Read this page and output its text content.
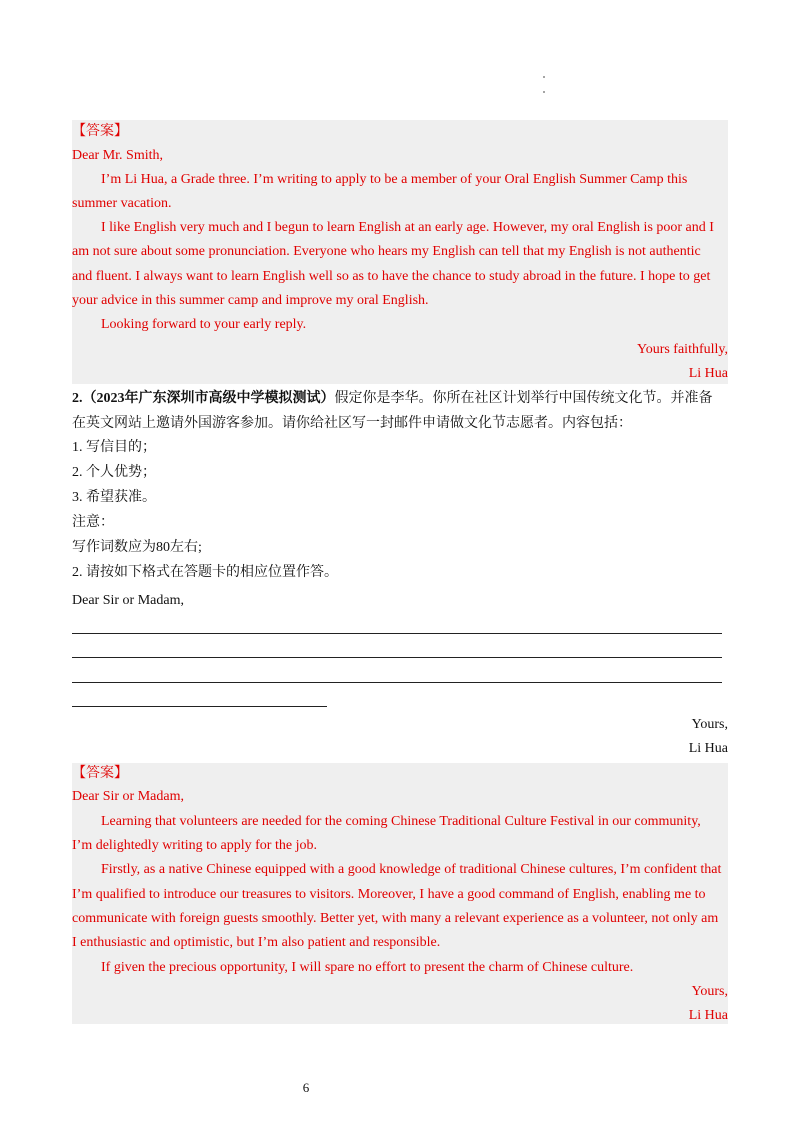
【答案】
Dear Mr. Smith,
I’m Li Hua, a Grade three. I’m writing to apply to be a member of your Oral English Summer Camp this
summer vacation.
I like English very much and I begun to learn English at an early age. However, my oral English is poor and I
am not sure about some pronunciation. Everyone who hears my English can tell that my English is not authentic
and fluent. I always want to learn English well so as to have the chance to study abroad in the future. I hope to get
your advice in this summer camp and improve my oral English.
Looking forward to your early reply.
Yours faithfully,
Li Hua
2.（2023年广东深圳市高级中学模拟测试）假定你是李华。你所在社区计划举行中国传统文化节。并准备
在英文网站上邀请外国游客参加。请你给社区写一封邮件申请做文化节志愿者。内容包括：
1. 写信目的；
2. 个人优势；
3. 希望获准。
注意：
写作词数应为80左右;
2. 请按如下格式在答题卡的相应位置作答。
Dear Sir or Madam,
Yours,
Li Hua
【答案】
Dear Sir or Madam,
Learning that volunteers are needed for the coming Chinese Traditional Culture Festival in our community,
I’m delightedly writing to apply for the job.
Firstly, as a native Chinese equipped with a good knowledge of traditional Chinese cultures, I’m confident that
I’m qualified to introduce our treasures to visitors. Moreover, I have a good command of English, enabling me to
communicate with foreign guests smoothly. Better yet, with many a relevant experience as a volunteer, not only am
I enthusiastic and optimistic, but I’m also patient and responsible.
If given the precious opportunity, I will spare no effort to present the charm of Chinese culture.
Yours,
Li Hua
6
